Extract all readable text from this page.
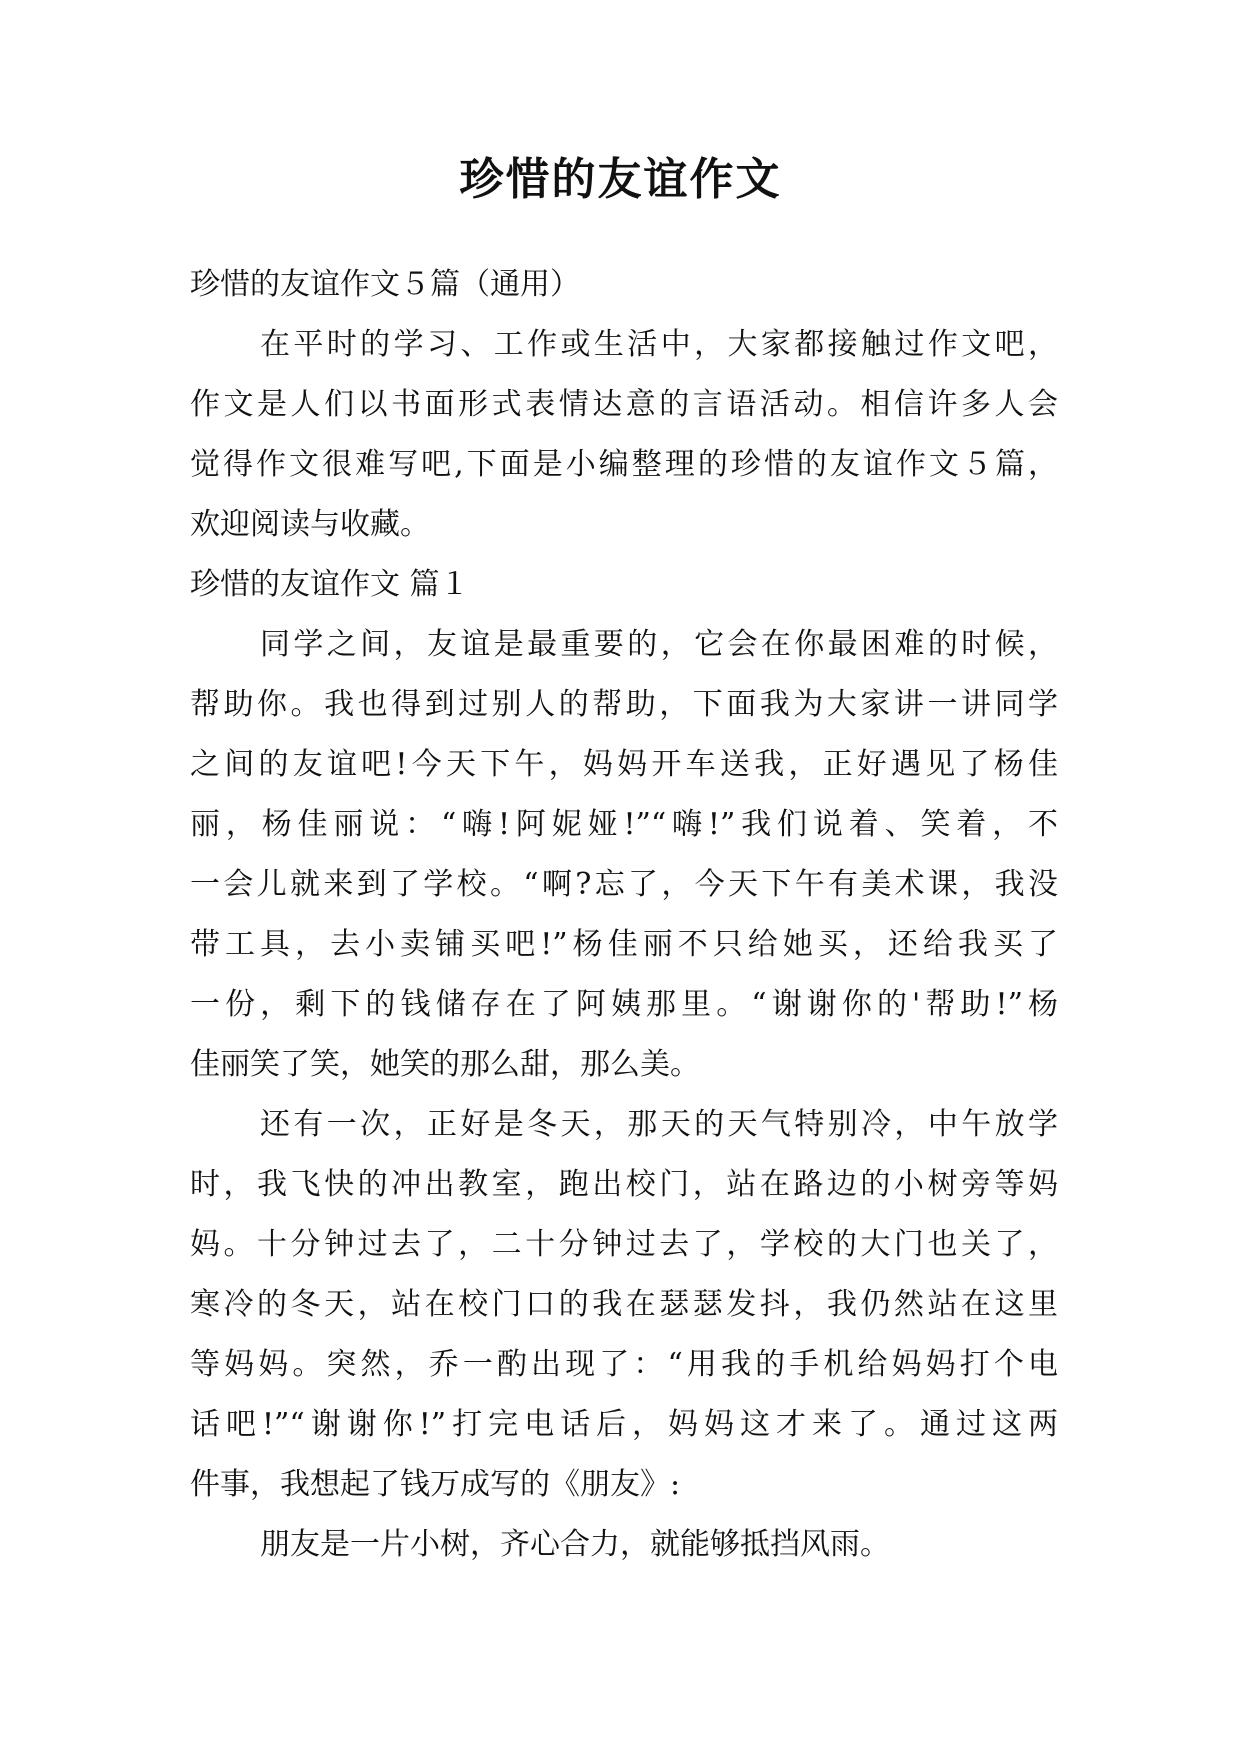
珍惜的友谊作文
珍惜的友谊作文５篇（通用）
在平时的学习、工作或生活中，大家都接触过作文吧，
作文是人们以书面形式表情达意的言语活动。相信许多人会
觉得作文很难写吧,下面是小编整理的珍惜的友谊作文５篇，
欢迎阅读与收藏。
珍惜的友谊作文 篇１
同学之间，友谊是最重要的，它会在你最困难的时候，
帮助你。我也得到过别人的帮助，下面我为大家讲一讲同学
之间的友谊吧!今天下午，妈妈开车送我，正好遇见了杨佳
丽，杨佳丽说：“嗨!阿妮娅!”“嗨!”我们说着、笑着，不
一会儿就来到了学校。“啊?忘了，今天下午有美术课，我没
带工具，去小卖铺买吧!”杨佳丽不只给她买，还给我买了
一份，剩下的钱储存在了阿姨那里。“谢谢你的'帮助!”杨
佳丽笑了笑，她笑的那么甜，那么美。
还有一次，正好是冬天，那天的天气特别冷，中午放学
时，我飞快的冲出教室，跑出校门，站在路边的小树旁等妈
妈。十分钟过去了，二十分钟过去了，学校的大门也关了，
寒冷的冬天，站在校门口的我在瑟瑟发抖，我仍然站在这里
等妈妈。突然，乔一酌出现了：“用我的手机给妈妈打个电
话吧!”“谢谢你!”打完电话后，妈妈这才来了。通过这两
件事，我想起了钱万成写的《朋友》:
朋友是一片小树，齐心合力，就能够抵挡风雨。
